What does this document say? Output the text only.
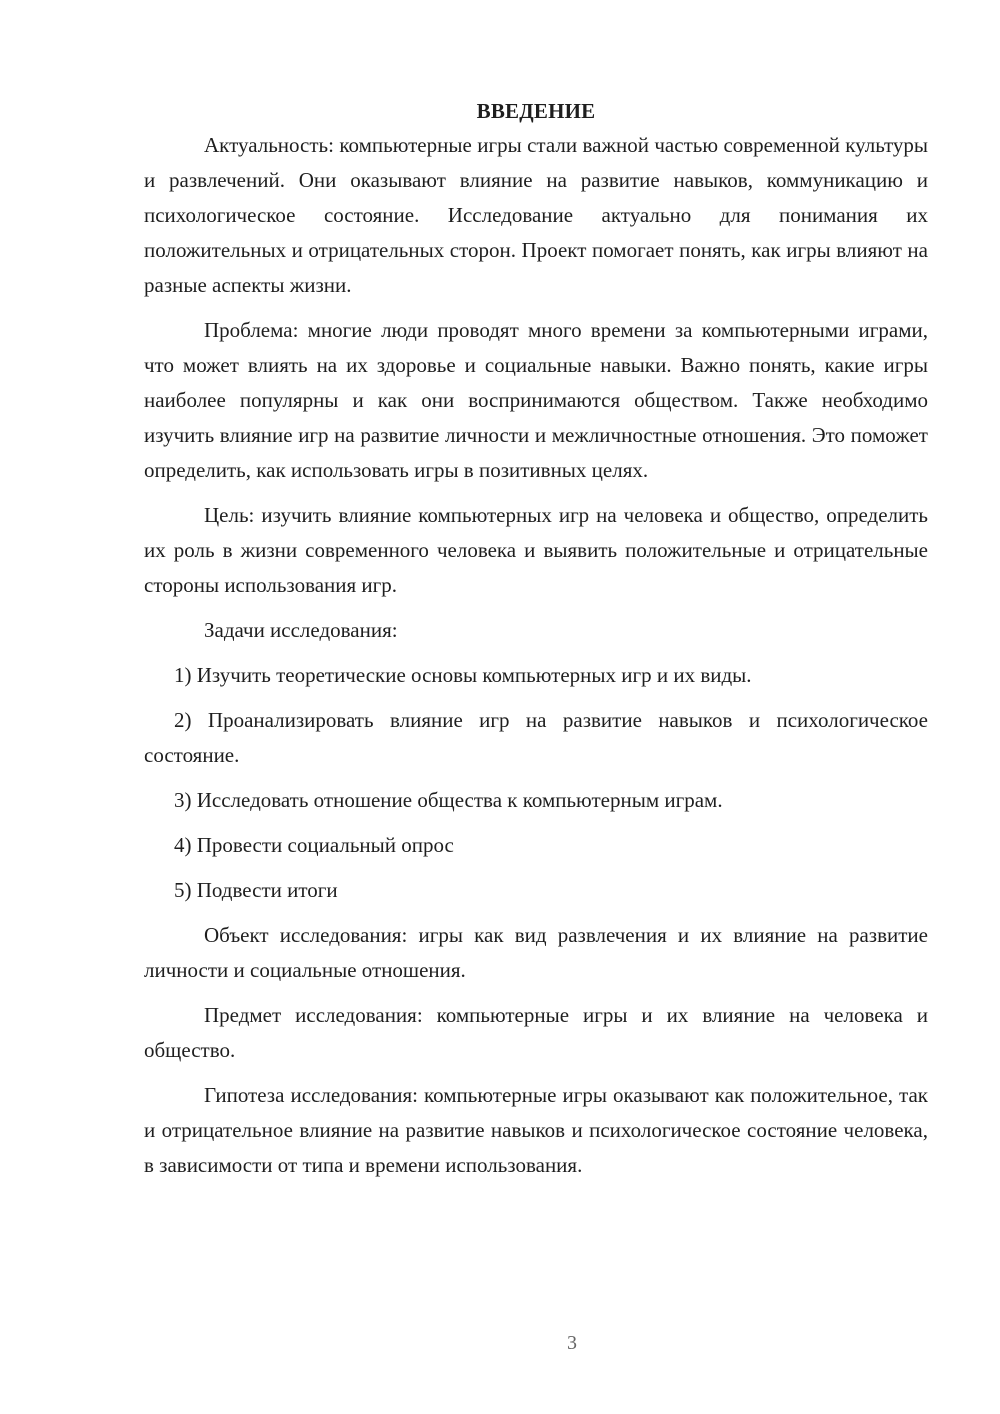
ВВЕДЕНИЕ

Актуальность: компьютерные игры стали важной частью современной культуры и развлечений. Они оказывают влияние на развитие навыков, коммуникацию и психологическое состояние. Исследование актуально для понимания их положительных и отрицательных сторон. Проект помогает понять, как игры влияют на разные аспекты жизни.

Проблема: многие люди проводят много времени за компьютерными играми, что может влиять на их здоровье и социальные навыки. Важно понять, какие игры наиболее популярны и как они воспринимаются обществом. Также необходимо изучить влияние игр на развитие личности и межличностные отношения. Это поможет определить, как использовать игры в позитивных целях.

Цель: изучить влияние компьютерных игр на человека и общество, определить их роль в жизни современного человека и выявить положительные и отрицательные стороны использования игр.

Задачи исследования:

1) Изучить теоретические основы компьютерных игр и их виды.

2) Проанализировать влияние игр на развитие навыков и психологическое состояние.

3) Исследовать отношение общества к компьютерным играм.

4) Провести социальный опрос

5) Подвести итоги

Объект исследования: игры как вид развлечения и их влияние на развитие личности и социальные отношения.

Предмет исследования: компьютерные игры и их влияние на человека и общество.

Гипотеза исследования: компьютерные игры оказывают как положительное, так и отрицательное влияние на развитие навыков и психологическое состояние человека, в зависимости от типа и времени использования.

3
